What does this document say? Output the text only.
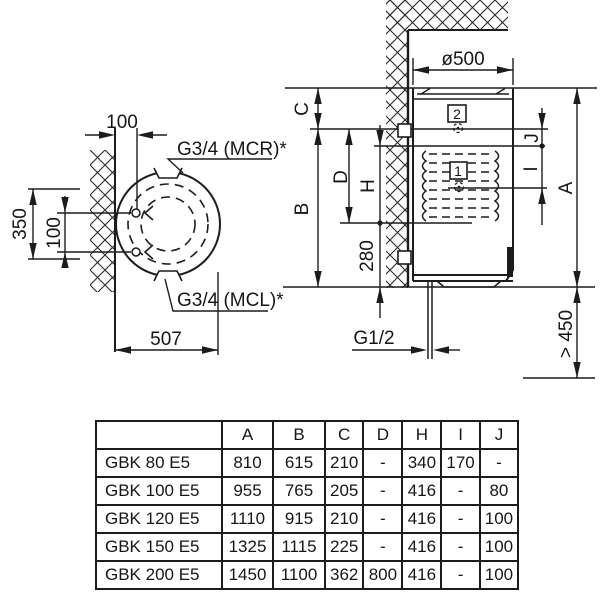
100
350 100
507
G3/4 (MCR)*
G3/4 (MCL)*
2
1
ø500
C
B
D
H
280
J
I
A
> 450
G1/2
	A	B	C	D	H	I	J
GBK 80 E5	810	615	210	-	340	170	-
GBK 100 E5	955	765	205	-	416	-	80
GBK 120 E5	1110	915	210	-	416	-	100
GBK 150 E5	1325	1115	225	-	416	-	100
GBK 200 E5	1450	1100	362	800	416	-	100
